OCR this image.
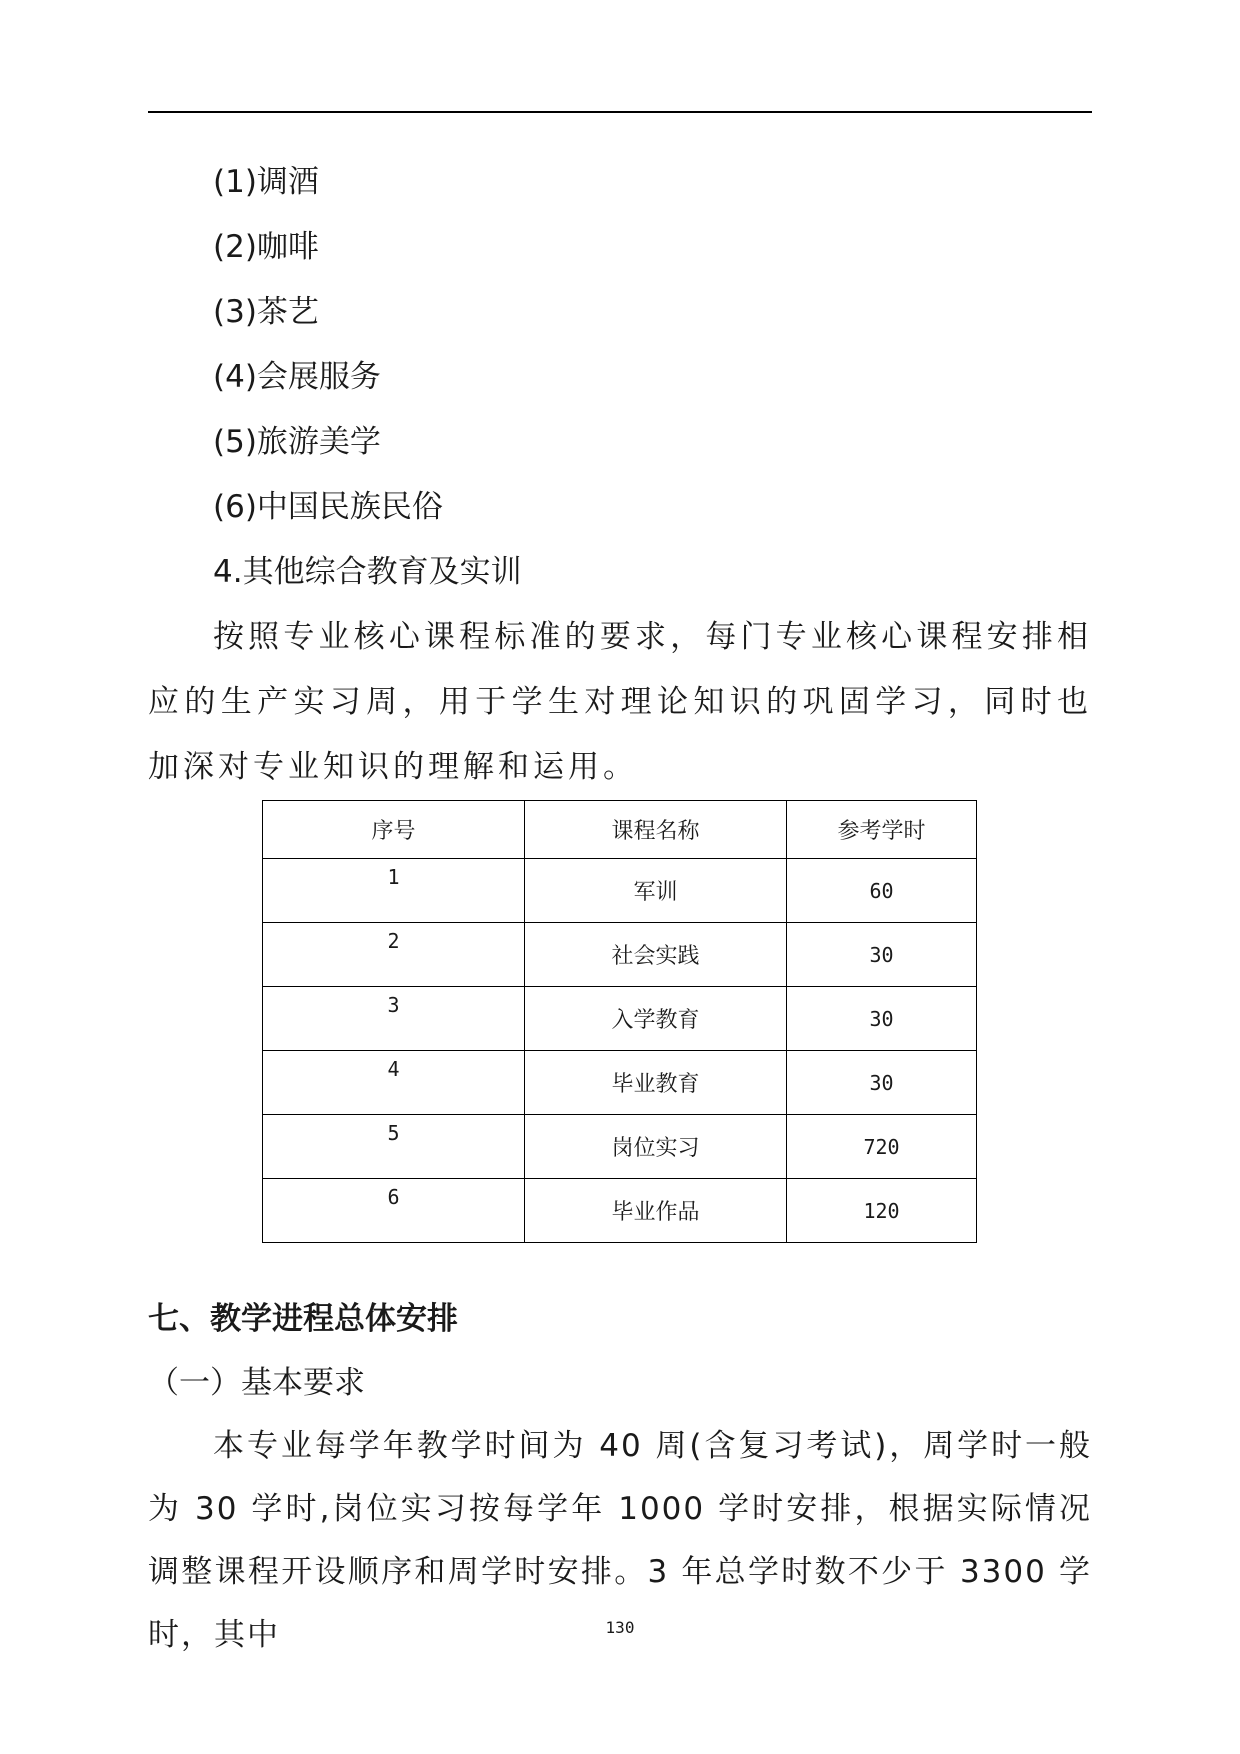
(1)调酒
(2)咖啡
(3)茶艺
(4)会展服务
(5)旅游美学
(6)中国民族民俗
4.其他综合教育及实训

按照专业核心课程标准的要求，每门专业核心课程安排相应的生产实习周，用于学生对理论知识的巩固学习，同时也加深对专业知识的理解和运用。

序号	课程名称	参考学时
1	军训	60
2	社会实践	30
3	入学教育	30
4	毕业教育	30
5	岗位实习	720
6	毕业作品	120
七、教学进程总体安排
（一）基本要求

本专业每学年教学时间为 40 周(含复习考试)，周学时一般为 30 学时,岗位实习按每学年 1000 学时安排，根据实际情况调整课程开设顺序和周学时安排。3 年总学时数不少于 3300 学时，其中	130
